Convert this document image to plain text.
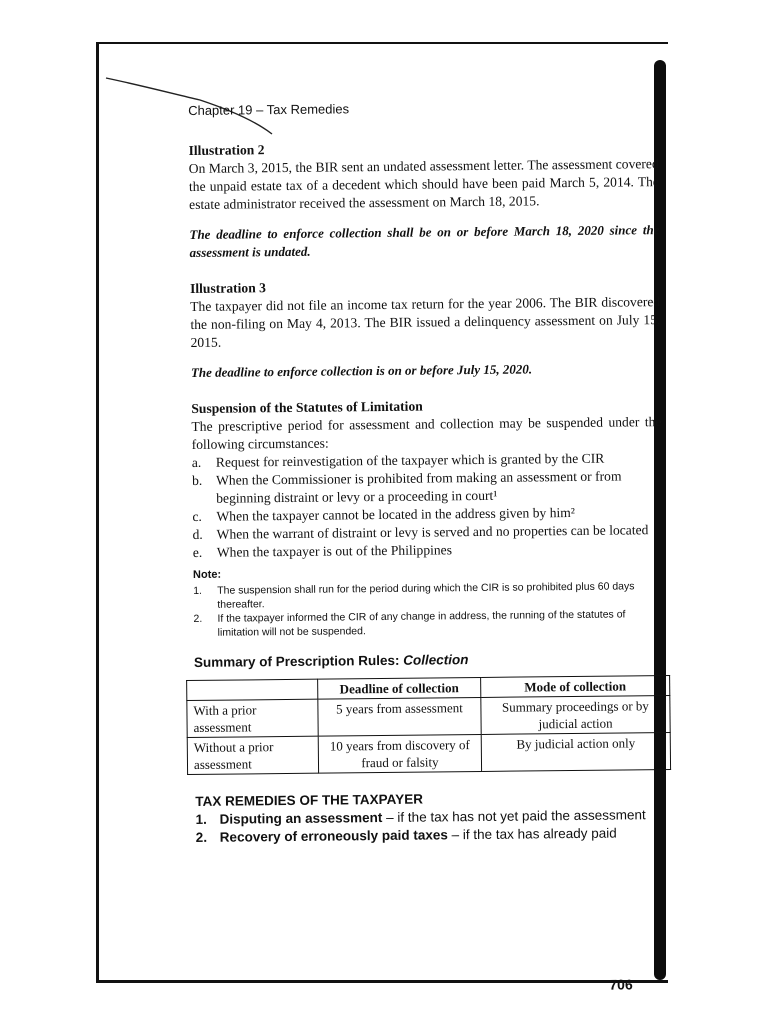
Chapter 19 – Tax Remedies

Illustration 2

On March 3, 2015, the BIR sent an undated assessment letter. The assessment covered the unpaid estate tax of a decedent which should have been paid March 5, 2014. The estate administrator received the assessment on March 18, 2015.

The deadline to enforce collection shall be on or before March 18, 2020 since the assessment is undated.

Illustration 3

The taxpayer did not file an income tax return for the year 2006. The BIR discovered the non-filing on May 4, 2013. The BIR issued a delinquency assessment on July 15, 2015.

The deadline to enforce collection is on or before July 15, 2020.

Suspension of the Statutes of Limitation

The prescriptive period for assessment and collection may be suspended under the following circumstances:

a.	Request for reinvestigation of the taxpayer which is granted by the CIR
b.	When the Commissioner is prohibited from making an assessment or from beginning distraint or levy or a proceeding in court¹
c.	When the taxpayer cannot be located in the address given by him²
d.	When the warrant of distraint or levy is served and no properties can be located
e.	When the taxpayer is out of the Philippines
Note:
1.	The suspension shall run for the period during which the CIR is so prohibited plus 60 days thereafter.
2.	If the taxpayer informed the CIR of any change in address, the running of the statutes of limitation will not be suspended.
Summary of Prescription Rules: Collection
	Deadline of collection	Mode of collection
With a prior assessment	5 years from assessment	Summary proceedings or by judicial action
Without a prior assessment	10 years from discovery of fraud or falsity	By judicial action only
TAX REMEDIES OF THE TAXPAYER
1. Disputing an assessment – if the tax has not yet paid the assessment
2. Recovery of erroneously paid taxes – if the tax has already paid
706
